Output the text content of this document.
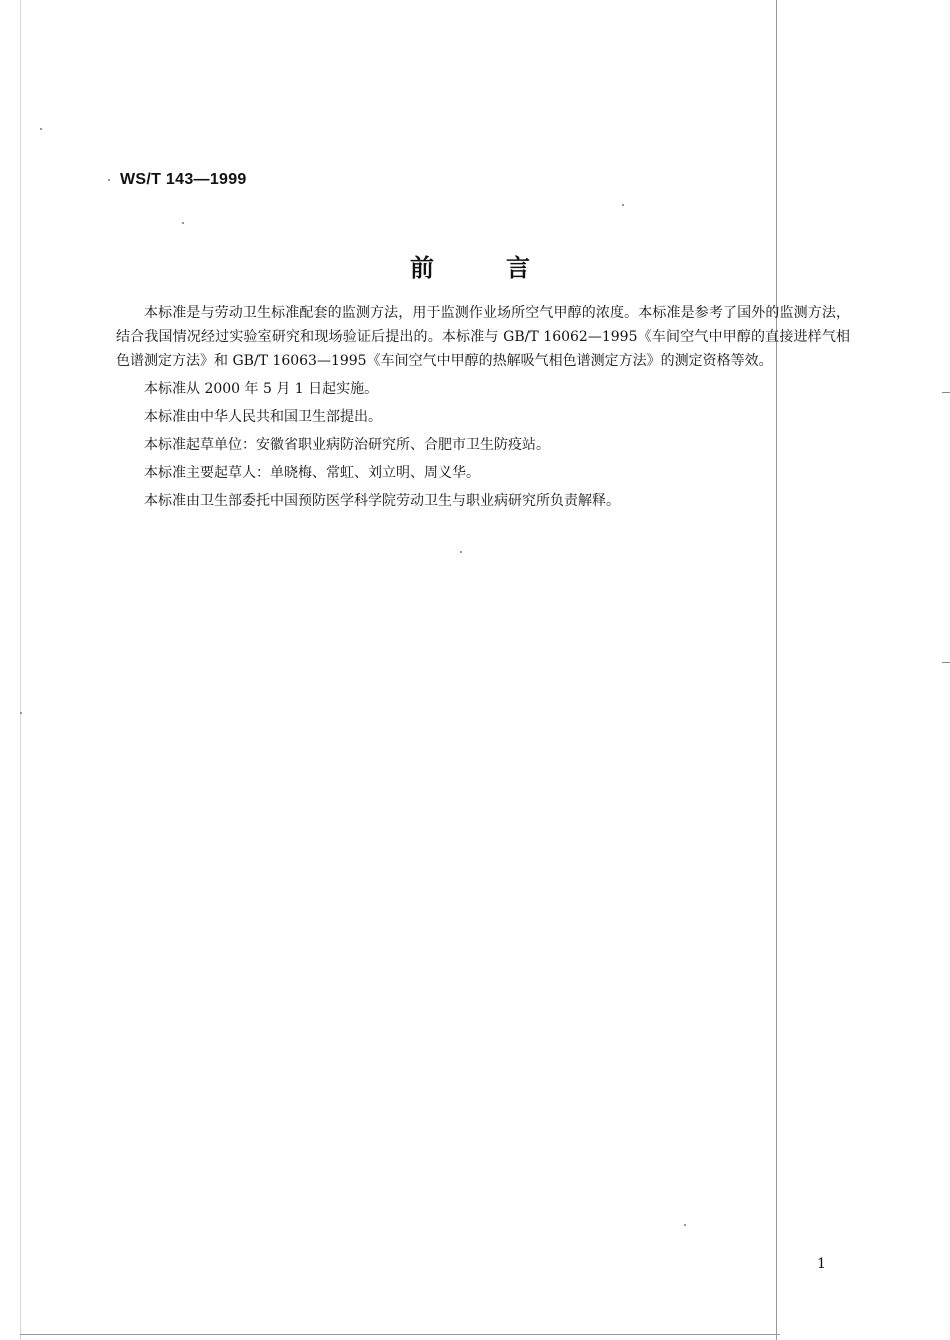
WS/T 143—1999
前言

本标准是与劳动卫生标准配套的监测方法，用于监测作业场所空气甲醇的浓度。本标准是参考了国外的监测方法，结合我国情况经过实验室研究和现场验证后提出的。本标准与 GB/T 16062—1995《车间空气中甲醇的直接进样气相色谱测定方法》和 GB/T 16063—1995《车间空气中甲醇的热解吸气相色谱测定方法》的测定资格等效。

本标准从 2000 年 5 月 1 日起实施。

本标准由中华人民共和国卫生部提出。

本标准起草单位：安徽省职业病防治研究所、合肥市卫生防疫站。

本标准主要起草人：单晓梅、常虹、刘立明、周义华。

本标准由卫生部委托中国预防医学科学院劳动卫生与职业病研究所负责解释。

1
